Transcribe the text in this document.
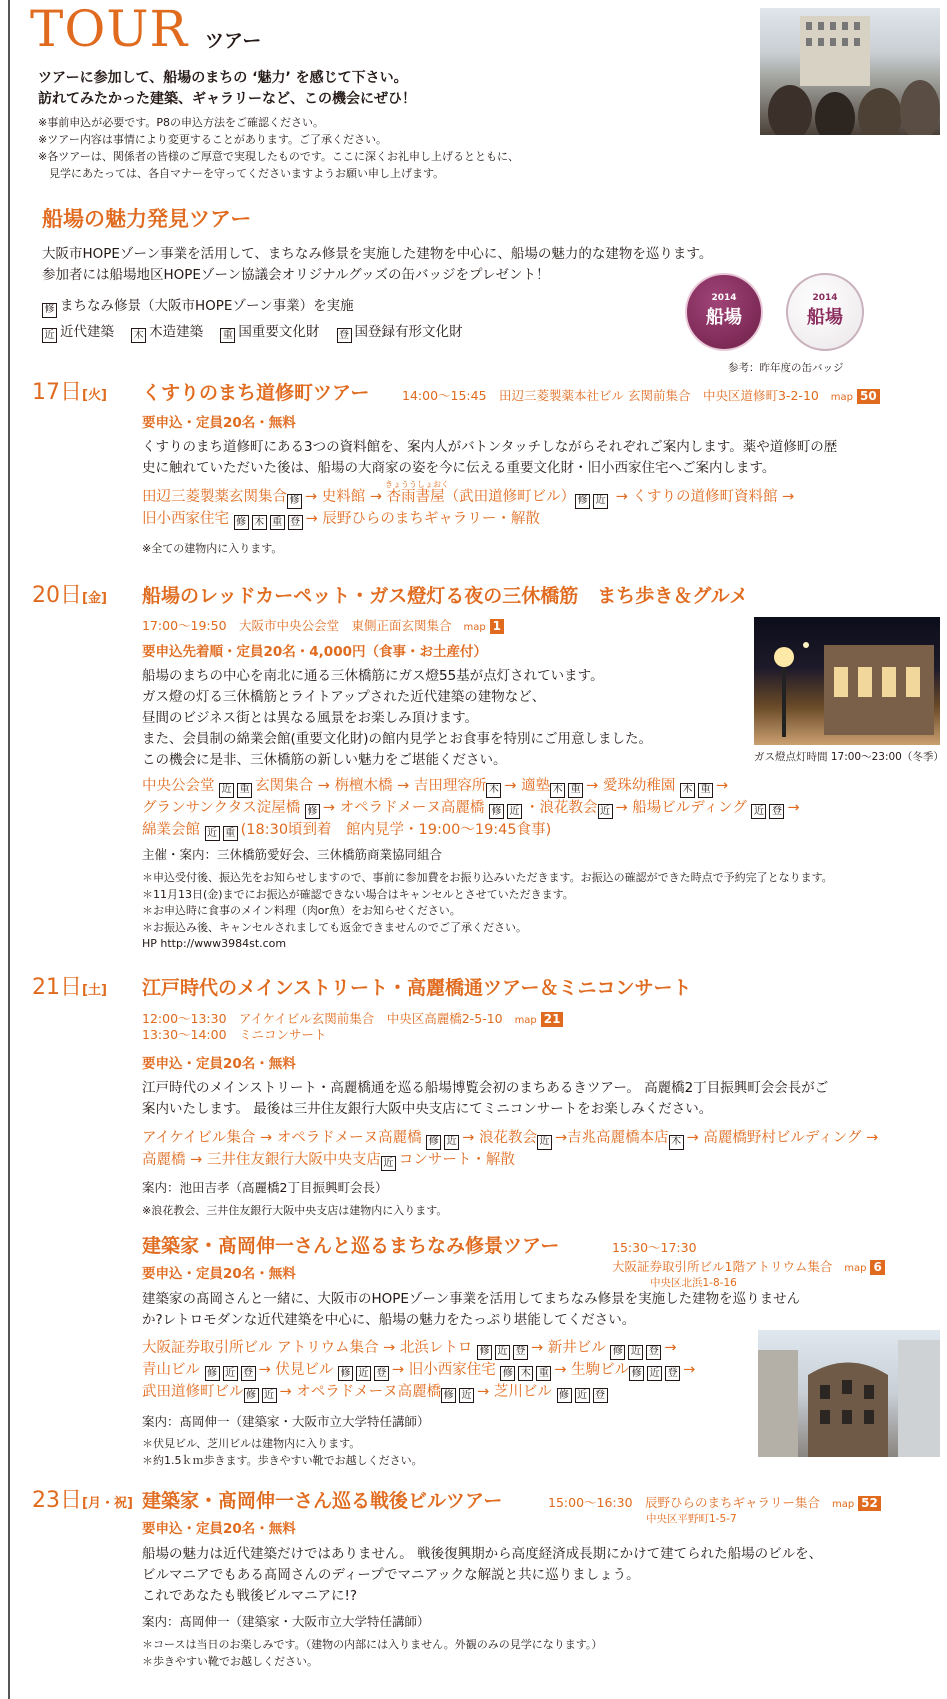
TOUR ツアー
ツアーに参加して、船場のまちの ‘魅力’ を感じて下さい。
訪れてみたかった建築、ギャラリーなど、この機会にぜひ！
※事前申込が必要です。P8の申込方法をご確認ください。
※ツアー内容は事情により変更することがあります。ご了承ください。
※各ツアーは、関係者の皆様のご厚意で実現したものです。ここに深くお礼申し上げるとともに、
　見学にあたっては、各自マナーを守ってくださいますようお願い申し上げます。
船場の魅力発見ツアー
大阪市HOPEゾーン事業を活用して、まちなみ修景を実施した建物を中心に、船場の魅力的な建物を巡ります。
参加者には船場地区HOPEゾーン協議会オリジナルグッズの缶バッジをプレゼント！
修 まちなみ修景（大阪市HOPEゾーン事業）を実施
近 近代建築 木 木造建築 重 国重要文化財 登 国登録有形文化財
2014
船場
2014
船場
参考：昨年度の缶バッジ
17日[火] くすりのまち道修町ツアー	14:00〜15:45　田辺三菱製薬本社ビル 玄関前集合　中央区道修町3-2-10 map 50
要申込・定員20名・無料
くすりのまち道修町にある3つの資料館を、案内人がバトンタッチしながらそれぞれご案内します。薬や道修町の歴
史に触れていただいた後は、船場の大商家の姿を今に伝える重要文化財・旧小西家住宅へご案内します。
きょううしょおく
田辺三菱製薬玄関集合 修 → 史料館 → 杏雨書屋（武田道修町ビル） 修 近 → くすりの道修町資料館 →
旧小西家住宅 修 木 重 登 → 辰野ひらのまちギャラリー・解散
※全ての建物内に入ります。
20日[金] 船場のレッドカーペット・ガス燈灯る夜の三休橋筋　まち歩き＆グルメ
17:00〜19:50　大阪市中央公会堂　東側正面玄関集合 map 1
要申込先着順・定員20名・4,000円（食事・お土産付）
船場のまちの中心を南北に通る三休橋筋にガス燈55基が点灯されています。
ガス燈の灯る三休橋筋とライトアップされた近代建築の建物など、
昼間のビジネス街とは異なる風景をお楽しみ頂けます。
また、会員制の綿業会館(重要文化財)の館内見学とお食事を特別にご用意しました。
この機会に是非、三休橋筋の新しい魅力をご堪能ください。	ガス燈点灯時間 17:00〜23:00（冬季）
中央公会堂 近 重 玄関集合 → 栴檀木橋 → 吉田理容所 木 → 適塾 木 重 → 愛珠幼稚園 木 重 →
グランサンクタス淀屋橋 修 → オペラドメーヌ高麗橋 修 近 ・浪花教会 近 → 船場ビルディング 近 登 →
綿業会館 近 重 (18:30頃到着　館内見学・19:00〜19:45食事)
主催・案内：三休橋筋愛好会、三休橋筋商業協同組合
＊申込受付後、振込先をお知らせしますので、事前に参加費をお振り込みいただきます。お振込の確認ができた時点で予約完了となります。
＊11月13日(金)までにお振込が確認できない場合はキャンセルとさせていただきます。
＊お申込時に食事のメイン料理（肉or魚）をお知らせください。
＊お振込み後、キャンセルされましても返金できませんのでご了承ください。
HP http://www3984st.com
21日[土] 江戸時代のメインストリート・高麗橋通ツアー＆ミニコンサート
12:00〜13:30　アイケイビル玄関前集合　中央区高麗橋2-5-10 map 21
13:30〜14:00　ミニコンサート
要申込・定員20名・無料
江戸時代のメインストリート・高麗橋通を巡る船場博覧会初のまちあるきツアー。 高麗橋2丁目振興町会会長がご
案内いたします。 最後は三井住友銀行大阪中央支店にてミニコンサートをお楽しみください。
アイケイビル集合 → オペラドメーヌ高麗橋 修 近 → 浪花教会 近 →吉兆高麗橋本店 木 → 高麗橋野村ビルディング →
高麗橋 → 三井住友銀行大阪中央支店 近 コンサート・解散
案内：池田吉孝（高麗橋2丁目振興町会長）
※浪花教会、三井住友銀行大阪中央支店は建物内に入ります。
建築家・髙岡伸一さんと巡るまちなみ修景ツアー	15:30〜17:30
大阪証券取引所ビル1階アトリウム集合 map 6
中央区北浜1-8-16
要申込・定員20名・無料
建築家の髙岡さんと一緒に、大阪市のHOPEゾーン事業を活用してまちなみ修景を実施した建物を巡りません
か?レトロモダンな近代建築を中心に、船場の魅力をたっぷり堪能してください。
大阪証券取引所ビル アトリウム集合 → 北浜レトロ 修 近 登 → 新井ビル 修 近 登 →
青山ビル 修 近 登 → 伏見ビル 修 近 登 → 旧小西家住宅 修 木 重 → 生駒ビル 修 近 登 →
武田道修町ビル 修 近 → オペラドメーヌ高麗橋 修 近 → 芝川ビル 修 近 登
案内：髙岡伸一（建築家・大阪市立大学特任講師）
＊伏見ビル、芝川ビルは建物内に入ります。
＊約1.5ｋｍ歩きます。歩きやすい靴でお越しください。
23日[月・祝] 建築家・髙岡伸一さん巡る戦後ビルツアー	15:00〜16:30　辰野ひらのまちギャラリー集合 map 52
中央区平野町1-5-7
要申込・定員20名・無料
船場の魅力は近代建築だけではありません。 戦後復興期から高度経済成長期にかけて建てられた船場のビルを、
ビルマニアでもある髙岡さんのディープでマニアックな解説と共に巡りましょう。
これであなたも戦後ビルマニアに!?
案内：髙岡伸一（建築家・大阪市立大学特任講師）
＊コースは当日のお楽しみです。（建物の内部には入りません。外観のみの見学になります。）
＊歩きやすい靴でお越しください。
